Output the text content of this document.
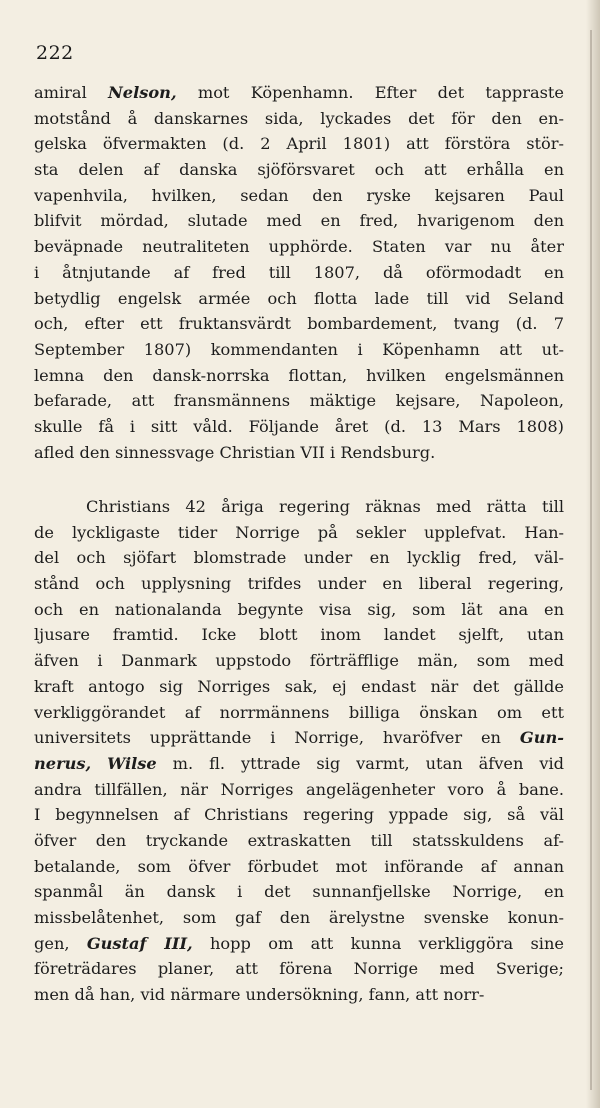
222
amiral Nelson, mot Köpenhamn. Efter det tappraste
motstånd å danskarnes sida, lyckades det för den en-
gelska öfvermakten (d. 2 April 1801) att förstöra stör-
sta delen af danska sjöförsvaret och att erhålla en
vapenhvila, hvilken, sedan den ryske kejsaren Paul
blifvit mördad, slutade med en fred, hvarigenom den
beväpnade neutraliteten upphörde. Staten var nu åter
i åtnjutande af fred till 1807, då oförmodadt en
betydlig engelsk armée och flotta lade till vid Seland
och, efter ett fruktansvärdt bombardement, tvang (d. 7
September 1807) kommendanten i Köpenhamn att ut-
lemna den dansk-norrska flottan, hvilken engelsmännen
befarade, att fransmännens mäktige kejsare, Napoleon,
skulle få i sitt våld. Följande året (d. 13 Mars 1808)
afled den sinnessvage Christian VII i Rendsburg.
Christians 42 åriga regering räknas med rätta till
de lyckligaste tider Norrige på sekler upplefvat. Han-
del och sjöfart blomstrade under en lycklig fred, väl-
stånd och upplysning trifdes under en liberal regering,
och en nationalanda begynte visa sig, som lät ana en
ljusare framtid. Icke blott inom landet sjelft, utan
äfven i Danmark uppstodo förträfflige män, som med
kraft antogo sig Norriges sak, ej endast när det gällde
verkliggörandet af norrmännens billiga önskan om ett
universitets upprättande i Norrige, hvaröfver en Gun-
nerus, Wilse m. fl. yttrade sig varmt, utan äfven vid
andra tillfällen, när Norriges angelägenheter voro å bane.
I begynnelsen af Christians regering yppade sig, så väl
öfver den tryckande extraskatten till statsskuldens af-
betalande, som öfver förbudet mot införande af annan
spanmål än dansk i det sunnanfjellske Norrige, en
missbelåtenhet, som gaf den ärelystne svenske konun-
gen, Gustaf III, hopp om att kunna verkliggöra sine
företrädares planer, att förena Norrige med Sverige;
men då han, vid närmare undersökning, fann, att norr-
